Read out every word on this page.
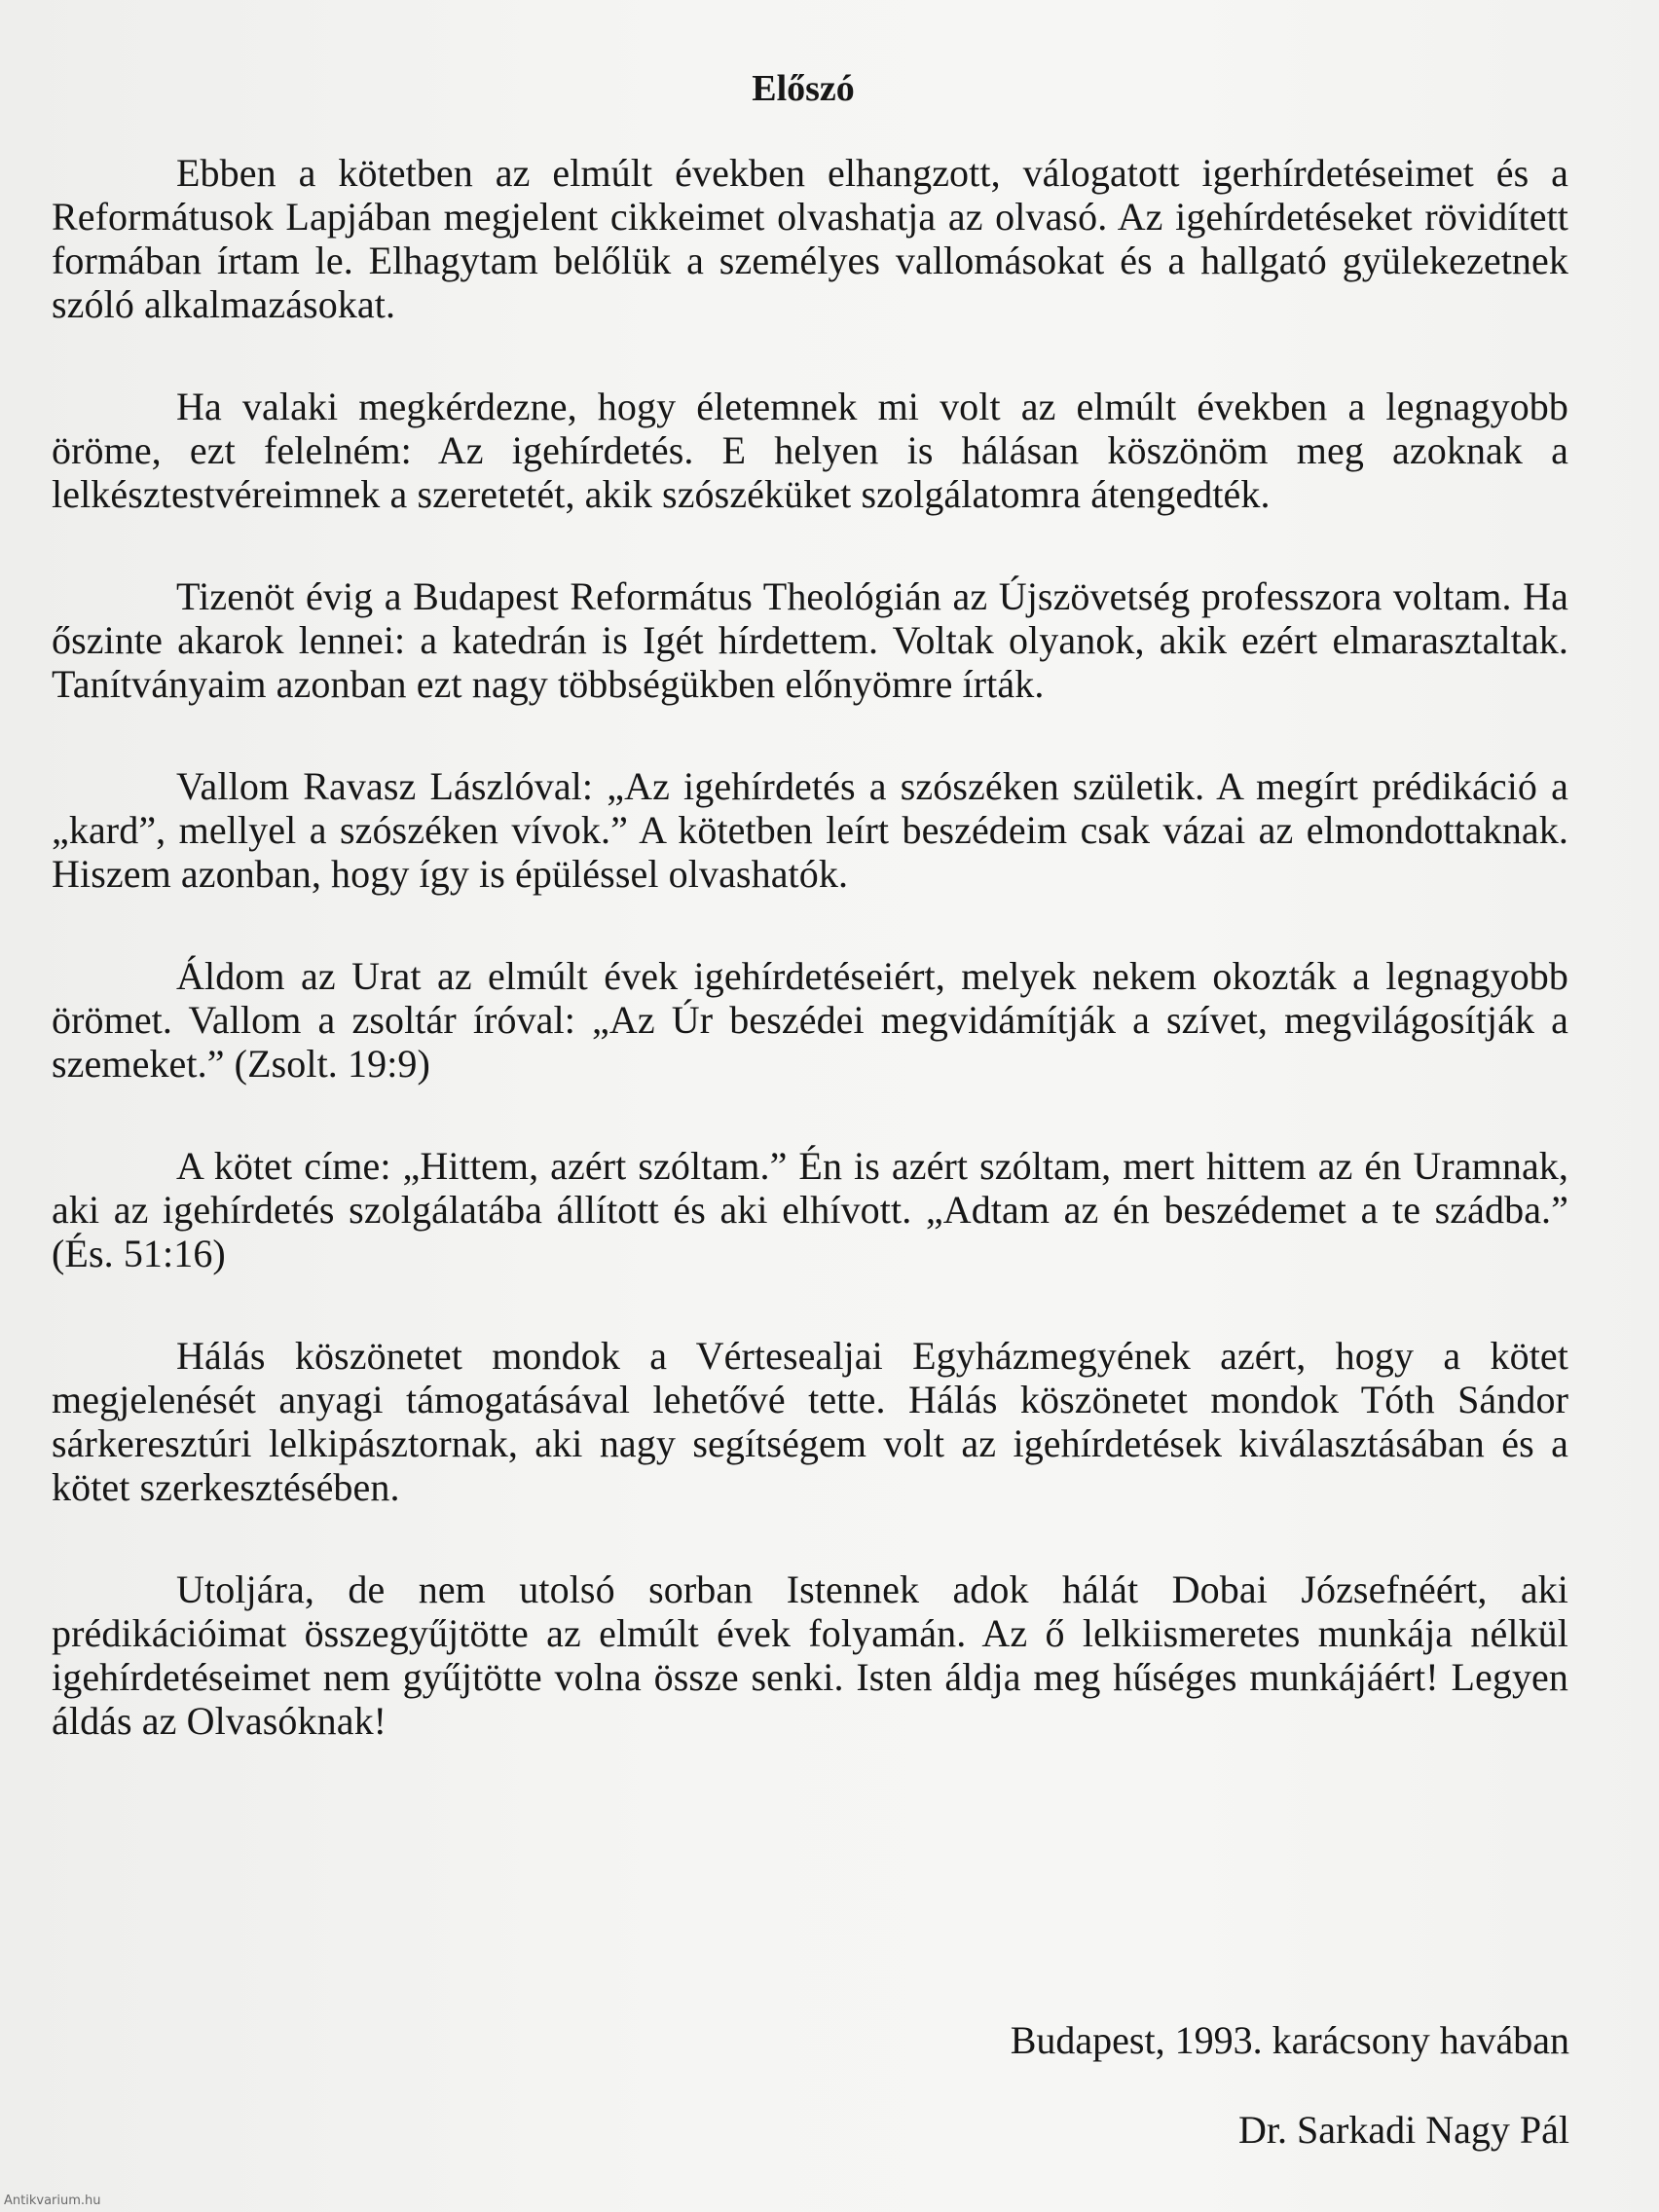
Előszó

Ebben a kötetben az elmúlt években elhangzott, válogatott igerhírdetéseimet és a Reformátusok Lapjában megjelent cikkeimet olvashatja az olvasó. Az igehírdetéseket rövidített formában írtam le. Elhagytam belőlük a személyes vallomásokat és a hallgató gyülekezetnek szóló alkalmazásokat.

Ha valaki megkérdezne, hogy életemnek mi volt az elmúlt években a legnagyobb öröme, ezt felelném: Az igehírdetés. E helyen is hálásan köszönöm meg azoknak a lelkésztestvéreimnek a szeretetét, akik szószéküket szolgálatomra átengedték.

Tizenöt évig a Budapest Református Theológián az Újszövetség professzora voltam. Ha őszinte akarok lennei: a katedrán is Igét hírdettem. Voltak olyanok, akik ezért elmarasztaltak. Tanítványaim azonban ezt nagy többségükben előnyömre írták.

Vallom Ravasz Lászlóval: „Az igehírdetés a szószéken születik. A megírt prédikáció a „kard”, mellyel a szószéken vívok.” A kötetben leírt beszédeim csak vázai az elmondottaknak. Hiszem azonban, hogy így is épüléssel olvashatók.

Áldom az Urat az elmúlt évek igehírdetéseiért, melyek nekem okozták a legnagyobb örömet. Vallom a zsoltár íróval: „Az Úr beszédei megvidámítják a szívet, megvilágosítják a szemeket.” (Zsolt. 19:9)

A kötet címe: „Hittem, azért szóltam.” Én is azért szóltam, mert hittem az én Uramnak, aki az igehírdetés szolgálatába állított és aki elhívott. „Adtam az én beszédemet a te szádba.” (És. 51:16)

Hálás köszönetet mondok a Vértesealjai Egyházmegyének azért, hogy a kötet megjelenését anyagi támogatásával lehetővé tette. Hálás köszönetet mondok Tóth Sándor sárkeresztúri lelkipásztornak, aki nagy segítségem volt az igehírdetések kiválasztásában és a kötet szerkesztésében.

Utoljára, de nem utolsó sorban Istennek adok hálát Dobai Józsefnéért, aki prédikációimat összegyűjtötte az elmúlt évek folyamán. Az ő lelkiismeretes munkája nélkül igehírdetéseimet nem gyűjtötte volna össze senki. Isten áldja meg hűséges munkájáért! Legyen áldás az Olvasóknak!

Budapest, 1993. karácsony havában
Dr. Sarkadi Nagy Pál
Antikvarium.hu
